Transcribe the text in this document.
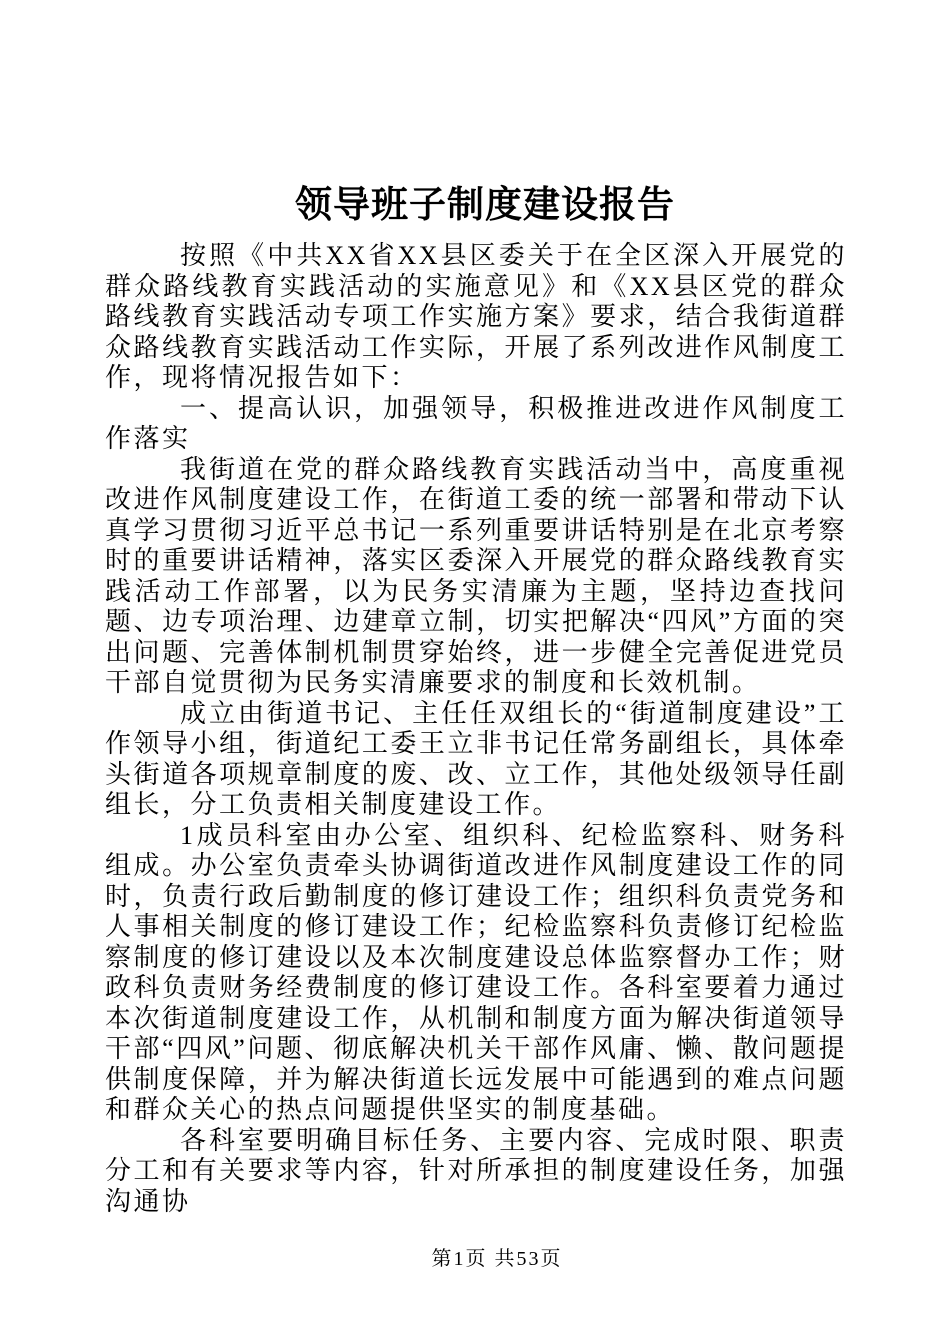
领导班子制度建设报告

按照《中共XX省XX县区委关于在全区深入开展党的群众路线教育实践活动的实施意见》和《XX县区党的群众路线教育实践活动专项工作实施方案》要求，结合我街道群众路线教育实践活动工作实际，开展了系列改进作风制度工作，现将情况报告如下：

一、提高认识，加强领导，积极推进改进作风制度工作落实

我街道在党的群众路线教育实践活动当中，高度重视改进作风制度建设工作，在街道工委的统一部署和带动下认真学习贯彻习近平总书记一系列重要讲话特别是在北京考察时的重要讲话精神，落实区委深入开展党的群众路线教育实践活动工作部署，以为民务实清廉为主题，坚持边查找问题、边专项治理、边建章立制，切实把解决“四风”方面的突出问题、完善体制机制贯穿始终，进一步健全完善促进党员干部自觉贯彻为民务实清廉要求的制度和长效机制。

成立由街道书记、主任任双组长的“街道制度建设”工作领导小组，街道纪工委王立非书记任常务副组长，具体牵头街道各项规章制度的废、改、立工作，其他处级领导任副组长，分工负责相关制度建设工作。

1成员科室由办公室、组织科、纪检监察科、财务科组成。办公室负责牵头协调街道改进作风制度建设工作的同时，负责行政后勤制度的修订建设工作；组织科负责党务和人事相关制度的修订建设工作；纪检监察科负责修订纪检监察制度的修订建设以及本次制度建设总体监察督办工作；财政科负责财务经费制度的修订建设工作。各科室要着力通过本次街道制度建设工作，从机制和制度方面为解决街道领导干部“四风”问题、彻底解决机关干部作风庸、懒、散问题提供制度保障，并为解决街道长远发展中可能遇到的难点问题和群众关心的热点问题提供坚实的制度基础。

各科室要明确目标任务、主要内容、完成时限、职责分工和有关要求等内容，针对所承担的制度建设任务，加强沟通协

第1页 共53页
